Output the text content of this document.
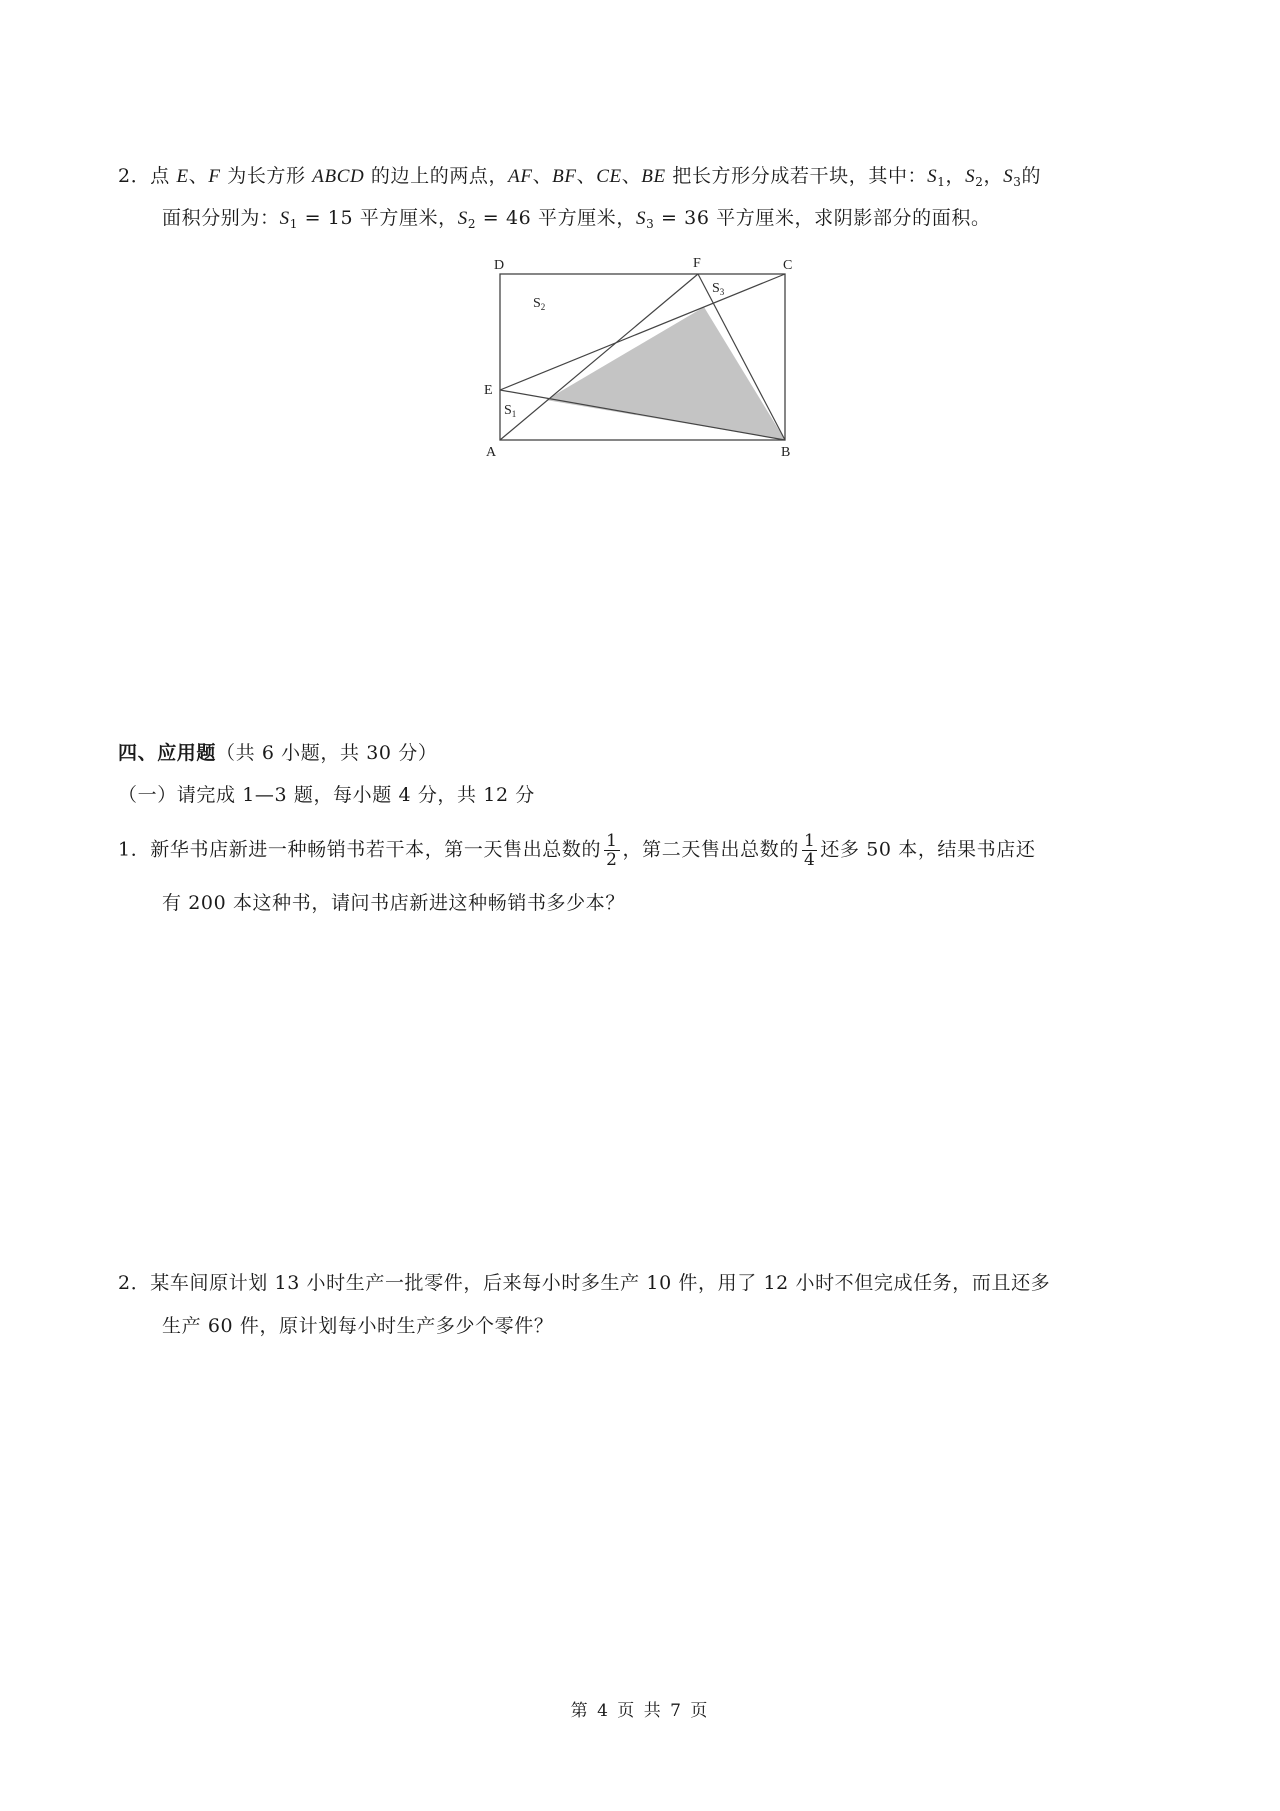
2．点 E、F 为长方形 ABCD 的边上的两点，AF、BF、CE、BE 把长方形分成若干块，其中：$S_1$，$S_2$，$S_3$的
面积分别为：$S_1 = 15$ 平方厘米，$S_2 = 46$ 平方厘米，$S_3 = 36$ 平方厘米，求阴影部分的面积。
D	F	C
E
A	B
$S_2$
$S_3$
$S_1$
四、应用题（共 6 小题，共 30 分）
（一）请完成 1—3 题，每小题 4 分，共 12 分
1．新华书店新进一种畅销书若干本，第一天售出总数的 $\frac{1}{2}$ ，第二天售出总数的 $\frac{1}{4}$ 还多 50 本，结果书店还
有 200 本这种书，请问书店新进这种畅销书多少本？
2．某车间原计划 13 小时生产一批零件，后来每小时多生产 10 件，用了 12 小时不但完成任务，而且还多
生产 60 件，原计划每小时生产多少个零件？
第 4 页 共 7 页
